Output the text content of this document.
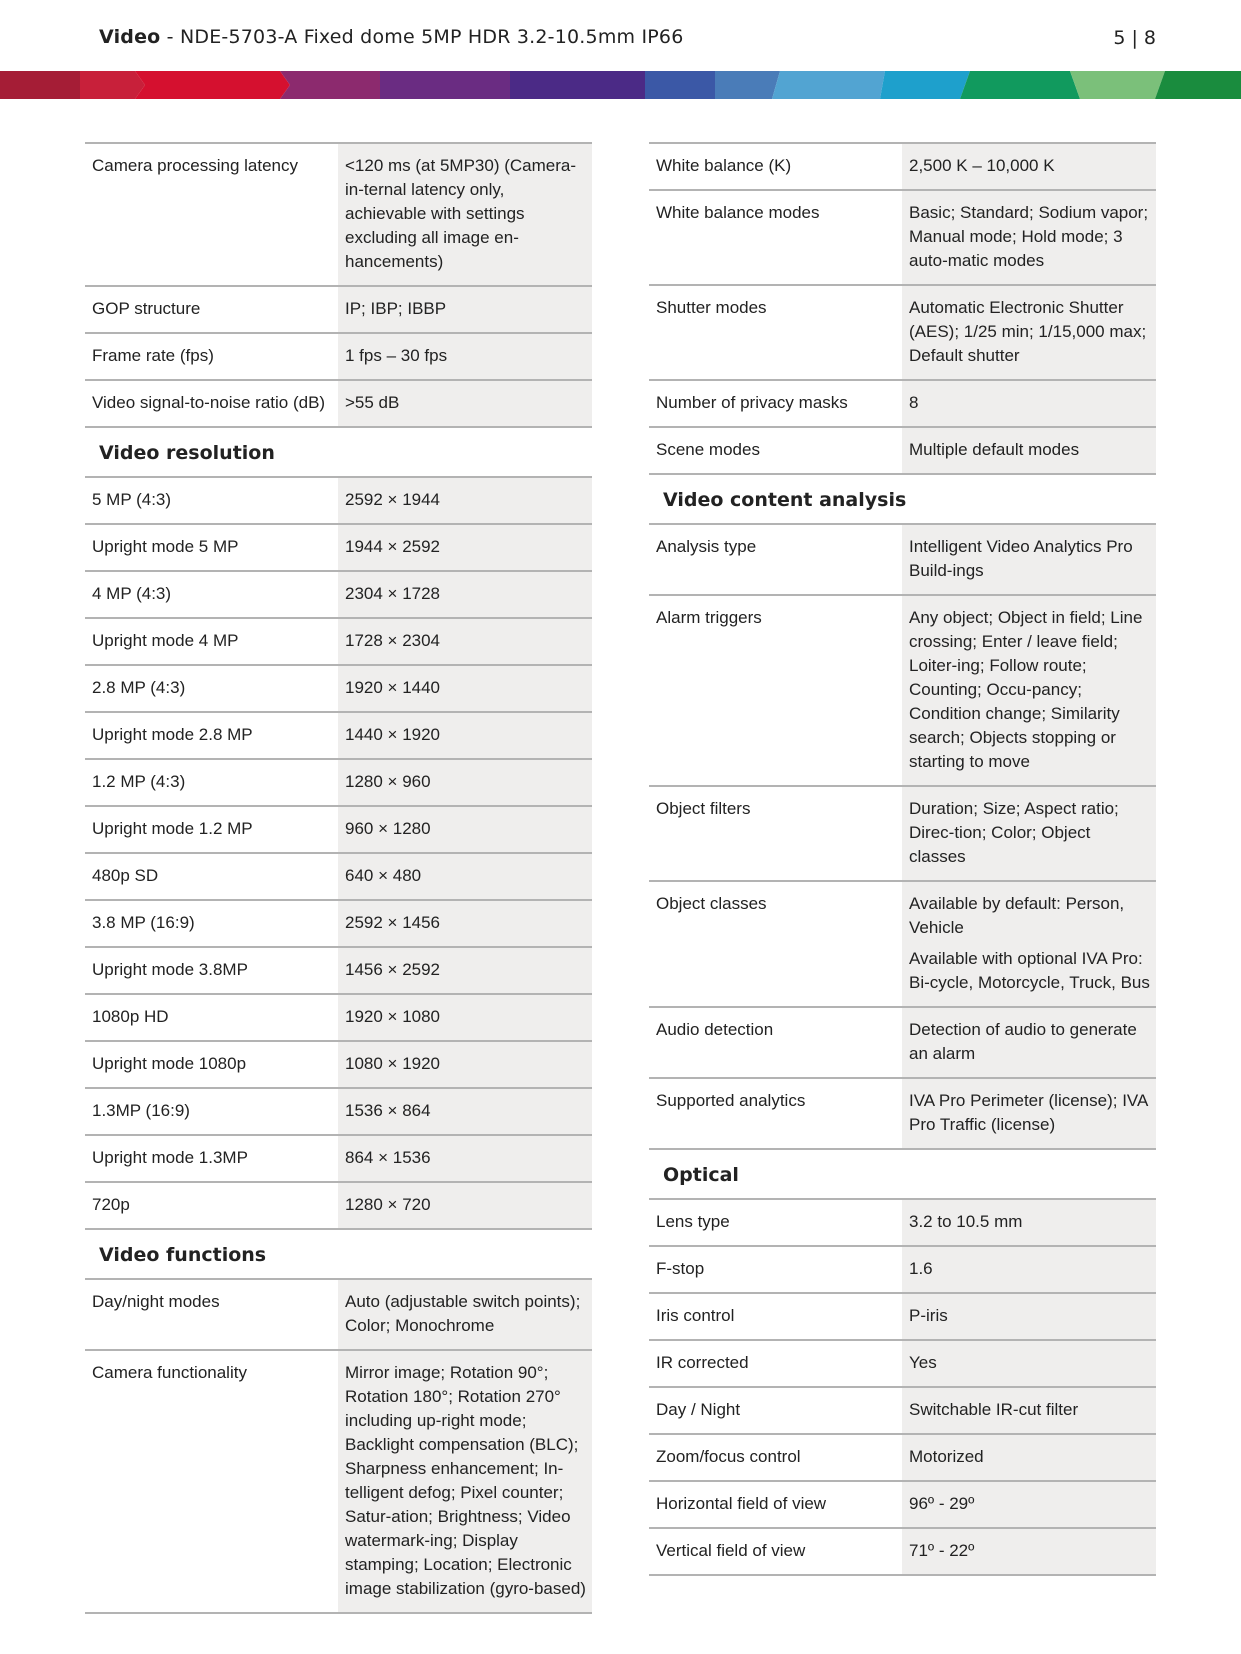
Video - NDE-5703-A Fixed dome 5MP HDR 3.2-10.5mm IP66	5 | 8
Camera processing latency	<120 ms (at 5MP30) (Camera-in-ternal latency only, achievable with settings excluding all image en-hancements)
GOP structure	IP; IBP; IBBP
Frame rate (fps)	1 fps – 30 fps
Video signal-to-noise ratio (dB)	>55 dB
Video resolution	
5 MP (4:3)	2592 × 1944
Upright mode 5 MP	1944 × 2592
4 MP (4:3)	2304 × 1728
Upright mode 4 MP	1728 × 2304
2.8 MP (4:3)	1920 × 1440
Upright mode 2.8 MP	1440 × 1920
1.2 MP (4:3)	1280 × 960
Upright mode 1.2 MP	960 × 1280
480p SD	640 × 480
3.8 MP (16:9)	2592 × 1456
Upright mode 3.8MP	1456 × 2592
1080p HD	1920 × 1080
Upright mode 1080p	1080 × 1920
1.3MP (16:9)	1536 × 864
Upright mode 1.3MP	864 × 1536
720p	1280 × 720
Video functions	
Day/night modes	Auto (adjustable switch points); Color; Monochrome
Camera functionality	Mirror image; Rotation 90°; Rotation 180°; Rotation 270° including up-right mode; Backlight compensation (BLC); Sharpness enhancement; In-telligent defog; Pixel counter; Satur-ation; Brightness; Video watermark-ing; Display stamping; Location; Electronic image stabilization (gyro-based)
White balance (K)	2,500 K – 10,000 K
White balance modes	Basic; Standard; Sodium vapor; Manual mode; Hold mode; 3 auto-matic modes
Shutter modes	Automatic Electronic Shutter (AES); 1/25 min; 1/15,000 max; Default shutter
Number of privacy masks	8
Scene modes	Multiple default modes
Video content analysis	
Analysis type	Intelligent Video Analytics Pro Build-ings
Alarm triggers	Any object; Object in field; Line crossing; Enter / leave field; Loiter-ing; Follow route; Counting; Occu-pancy; Condition change; Similarity search; Objects stopping or starting to move
Object filters	Duration; Size; Aspect ratio; Direc-tion; Color; Object classes
Object classes	Available by default: Person, Vehicle
Available with optional IVA Pro: Bi-cycle, Motorcycle, Truck, Bus

Audio detection	Detection of audio to generate an alarm
Supported analytics	IVA Pro Perimeter (license); IVA Pro Traffic (license)
Optical	
Lens type	3.2 to 10.5 mm
F-stop	1.6
Iris control	P-iris
IR corrected	Yes
Day / Night	Switchable IR-cut filter
Zoom/focus control	Motorized
Horizontal field of view	96º - 29º
Vertical field of view	71º - 22º
